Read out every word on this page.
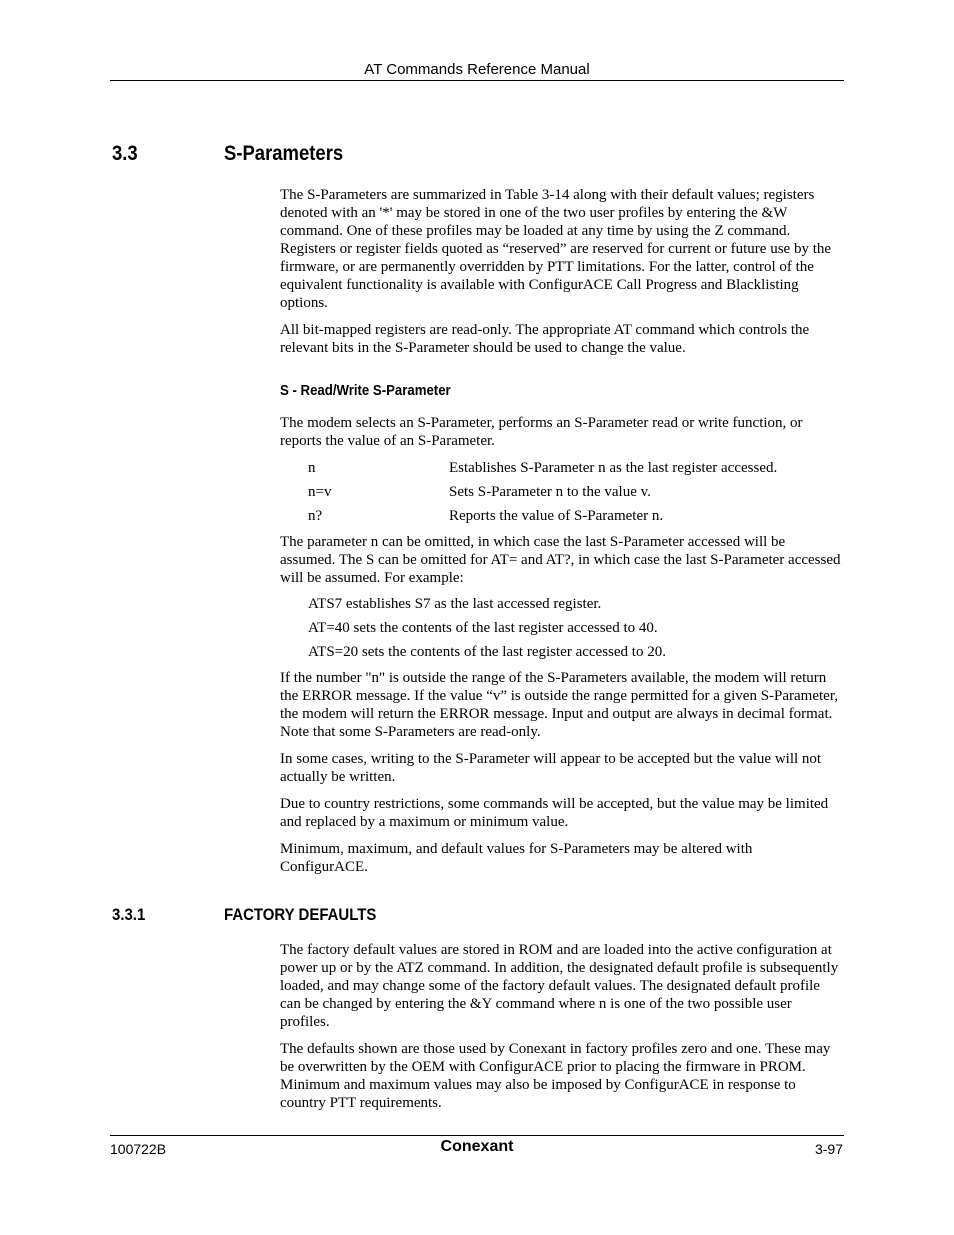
AT Commands Reference Manual
3.3	S-Parameters

The S-Parameters are summarized in Table 3-14 along with their default values; registers denoted with an '*' may be stored in one of the two user profiles by entering the &W command. One of these profiles may be loaded at any time by using the Z command. Registers or register fields quoted as “reserved” are reserved for current or future use by the firmware, or are permanently overridden by PTT limitations. For the latter, control of the equivalent functionality is available with ConfigurACE Call Progress and Blacklisting options.

All bit-mapped registers are read-only. The appropriate AT command which controls the relevant bits in the S-Parameter should be used to change the value.

S - Read/Write S-Parameter

The modem selects an S-Parameter, performs an S-Parameter read or write function, or reports the value of an S-Parameter.

n	Establishes S-Parameter n as the last register accessed.

n=v	Sets S-Parameter n to the value v.

n?	Reports the value of S-Parameter n.

The parameter n can be omitted, in which case the last S-Parameter accessed will be assumed. The S can be omitted for AT= and AT?, in which case the last S-Parameter accessed will be assumed. For example:

ATS7 establishes S7 as the last accessed register.

AT=40 sets the contents of the last register accessed to 40.

ATS=20 sets the contents of the last register accessed to 20.

If the number "n" is outside the range of the S-Parameters available, the modem will return the ERROR message. If the value “v” is outside the range permitted for a given S-Parameter, the modem will return the ERROR message. Input and output are always in decimal format. Note that some S-Parameters are read-only.

In some cases, writing to the S-Parameter will appear to be accepted but the value will not actually be written.

Due to country restrictions, some commands will be accepted, but the value may be limited and replaced by a maximum or minimum value.

Minimum, maximum, and default values for S-Parameters may be altered with ConfigurACE.

3.3.1	FACTORY DEFAULTS

The factory default values are stored in ROM and are loaded into the active configuration at power up or by the ATZ command. In addition, the designated default profile is subsequently loaded, and may change some of the factory default values. The designated default profile can be changed by entering the &Y command where n is one of the two possible user profiles.

The defaults shown are those used by Conexant in factory profiles zero and one. These may be overwritten by the OEM with ConfigurACE prior to placing the firmware in PROM. Minimum and maximum values may also be imposed by ConfigurACE in response to country PTT requirements.

100722B	Conexant	3-97
